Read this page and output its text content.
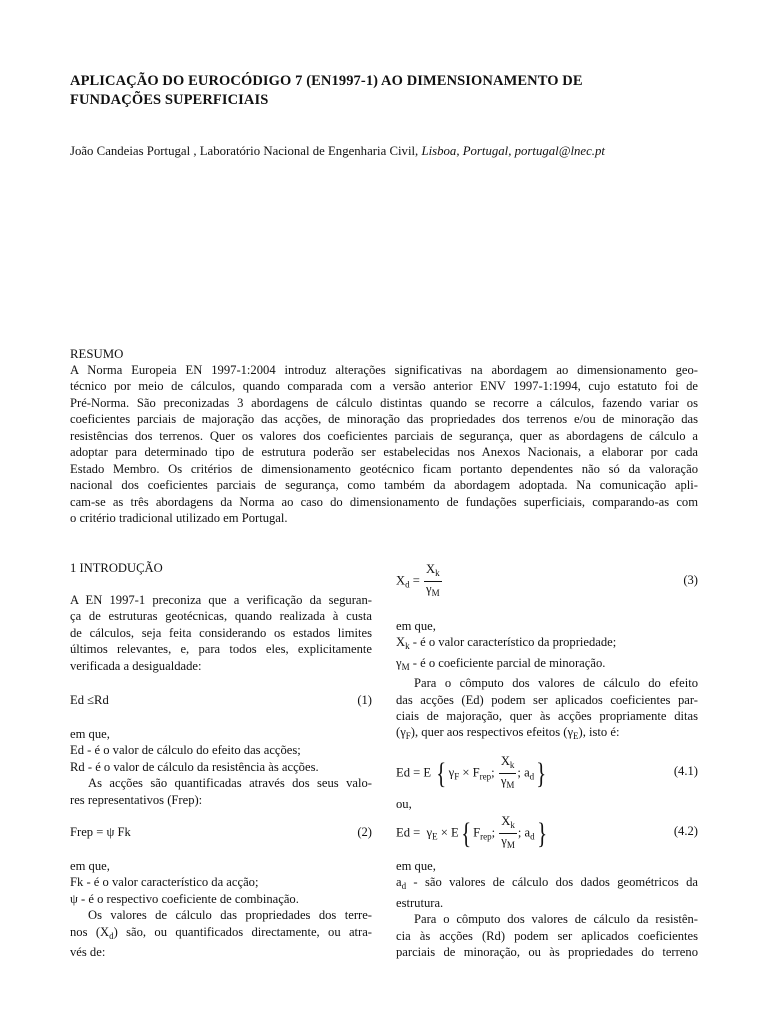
APLICAÇÃO DO EUROCÓDIGO 7 (EN1997-1) AO DIMENSIONAMENTO DE
FUNDAÇÕES SUPERFICIAIS
João Candeias Portugal , Laboratório Nacional de Engenharia Civil, Lisboa, Portugal, portugal@lnec.pt
RESUMO
A Norma Europeia EN 1997-1:2004 introduz alterações significativas na abordagem ao dimensionamento geo-
técnico por meio de cálculos, quando comparada com a versão anterior ENV 1997-1:1994, cujo estatuto foi de
Pré-Norma. São preconizadas 3 abordagens de cálculo distintas quando se recorre a cálculos, fazendo variar os
coeficientes parciais de majoração das acções, de minoração das propriedades dos terrenos e/ou de minoração das
resistências dos terrenos. Quer os valores dos coeficientes parciais de segurança, quer as abordagens de cálculo a
adoptar para determinado tipo de estrutura poderão ser estabelecidas nos Anexos Nacionais, a elaborar por cada
Estado Membro. Os critérios de dimensionamento geotécnico ficam portanto dependentes não só da valoração
nacional dos coeficientes parciais de segurança, como também da abordagem adoptada. Na comunicação apli-
cam-se as três abordagens da Norma ao caso do dimensionamento de fundações superficiais, comparando-as com
o critério tradicional utilizado em Portugal.
1 INTRODUÇÃO
A EN 1997-1 preconiza que a verificação da seguran-
ça de estruturas geotécnicas, quando realizada à custa
de cálculos, seja feita considerando os estados limites
últimos relevantes, e, para todos eles, explicitamente
verificada a desigualdade:
Ed ≤Rd	(1)
em que,
Ed - é o valor de cálculo do efeito das acções;
Rd - é o valor de cálculo da resistência às acções.
As acções são quantificadas através dos seus valo-
res representativos (Frep):
Frep = ψ Fk	(2)
em que,
Fk - é o valor característico da acção;
ψ - é o respectivo coeficiente de combinação.
Os valores de cálculo das propriedades dos terre-
nos $(X_d)$ são, ou quantificados directamente, ou atra-
vés de:
$X_d = \frac{X_k}{\gamma_M}$	(3)
em que,
$X_k$ - é o valor característico da propriedade;
$\gamma_M$ - é o coeficiente parcial de minoração.
Para o cômputo dos valores de cálculo do efeito
das acções (Ed) podem ser aplicados coeficientes par-
ciais de majoração, quer às acções propriamente ditas
$(\gamma_F)$, quer aos respectivos efeitos $(\gamma_E)$, isto é:
Ed = E { $\gamma_F \times F_{rep}$; $\frac{X_k}{\gamma_M}$ ; $a_d$}	(4.1)
ou,
$Ed = \gamma_E \times E${ $F_{rep}$; $\frac{X_k}{\gamma_M}$ ; $a_d$}	(4.2)
em que,
$a_d$ - são valores de cálculo dos dados geométricos da
estrutura.
Para o cômputo dos valores de cálculo da resistên-
cia às acções (Rd) podem ser aplicados coeficientes
parciais de minoração, ou às propriedades do terreno
